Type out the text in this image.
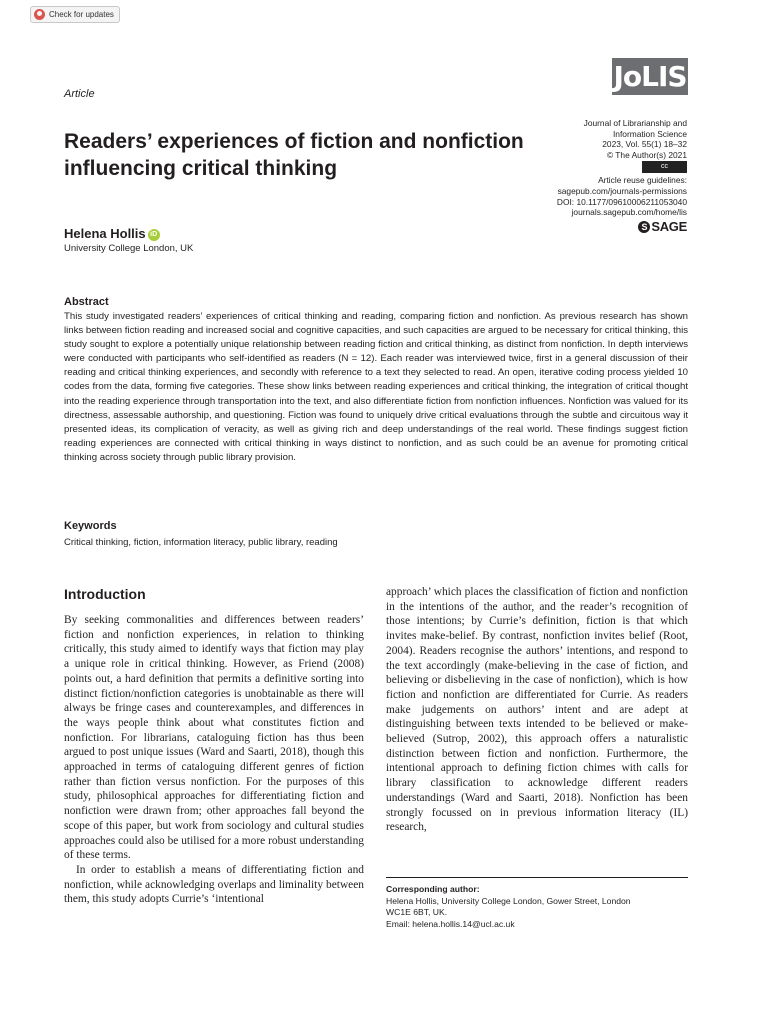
Check for updates
Article
JoLIS
Journal of Librarianship and
Information Science
2023, Vol. 55(1) 18–32
© The Author(s) 2021
cc
Article reuse guidelines:
sagepub.com/journals-permissions
DOI: 10.1177/09610006211053040
journals.sagepub.com/home/lis
S SAGE
Readers’ experiences of fiction and nonfiction influencing critical thinking
Helena Hollis iD
University College London, UK
Abstract
This study investigated readers’ experiences of critical thinking and reading, comparing fiction and nonfiction. As previous research has shown links between fiction reading and increased social and cognitive capacities, and such capacities are argued to be necessary for critical thinking, this study sought to explore a potentially unique relationship between reading fiction and critical thinking, as distinct from nonfiction. In depth interviews were conducted with participants who self-identified as readers (N = 12). Each reader was interviewed twice, first in a general discussion of their reading and critical thinking experiences, and secondly with reference to a text they selected to read. An open, iterative coding process yielded 10 codes from the data, forming five categories. These show links between reading experiences and critical thinking, the integration of critical thought into the reading experience through transportation into the text, and also differentiate fiction from nonfiction influences. Nonfiction was valued for its directness, assessable authorship, and questioning. Fiction was found to uniquely drive critical evaluations through the subtle and circuitous way it presented ideas, its complication of veracity, as well as giving rich and deep understandings of the real world. These findings suggest fiction reading experiences are connected with critical thinking in ways distinct to nonfiction, and as such could be an avenue for promoting critical thinking across society through public library provision.
Keywords
Critical thinking, fiction, information literacy, public library, reading
Introduction

By seeking commonalities and differences between readers’ fiction and nonfiction experiences, in relation to thinking critically, this study aimed to identify ways that fiction may play a unique role in critical thinking. However, as Friend (2008) points out, a hard definition that permits a definitive sorting into distinct fiction/nonfiction categories is unobtainable as there will always be fringe cases and counterexamples, and differences in the ways people think about what constitutes fiction and nonfiction. For librarians, cataloguing fiction has thus been argued to post unique issues (Ward and Saarti, 2018), though this approached in terms of cataloguing different genres of fiction rather than fiction versus nonfiction. For the purposes of this study, philosophical approaches for differentiating fiction and nonfiction were drawn from; other approaches fall beyond the scope of this paper, but work from sociology and cultural studies approaches could also be utilised for a more robust understanding of these terms.

In order to establish a means of differentiating fiction and nonfiction, while acknowledging overlaps and liminality between them, this study adopts Currie’s ‘intentional

approach’ which places the classification of fiction and nonfiction in the intentions of the author, and the reader’s recognition of those intentions; by Currie’s definition, fiction is that which invites make-belief. By contrast, nonfiction invites belief (Root, 2004). Readers recognise the authors’ intentions, and respond to the text accordingly (make-believing in the case of fiction, and believing or disbelieving in the case of nonfiction), which is how fiction and nonfiction are differentiated for Currie. As readers make judgements on authors’ intent and are adept at distinguishing between texts intended to be believed or make-believed (Sutrop, 2002), this approach offers a naturalistic distinction between fiction and nonfiction. Furthermore, the intentional approach to defining fiction chimes with calls for library classification to acknowledge different readers understandings (Ward and Saarti, 2018). Nonfiction has been strongly focussed on in previous information literacy (IL) research,

Corresponding author:
Helena Hollis, University College London, Gower Street, London
WC1E 6BT, UK.
Email: helena.hollis.14@ucl.ac.uk
